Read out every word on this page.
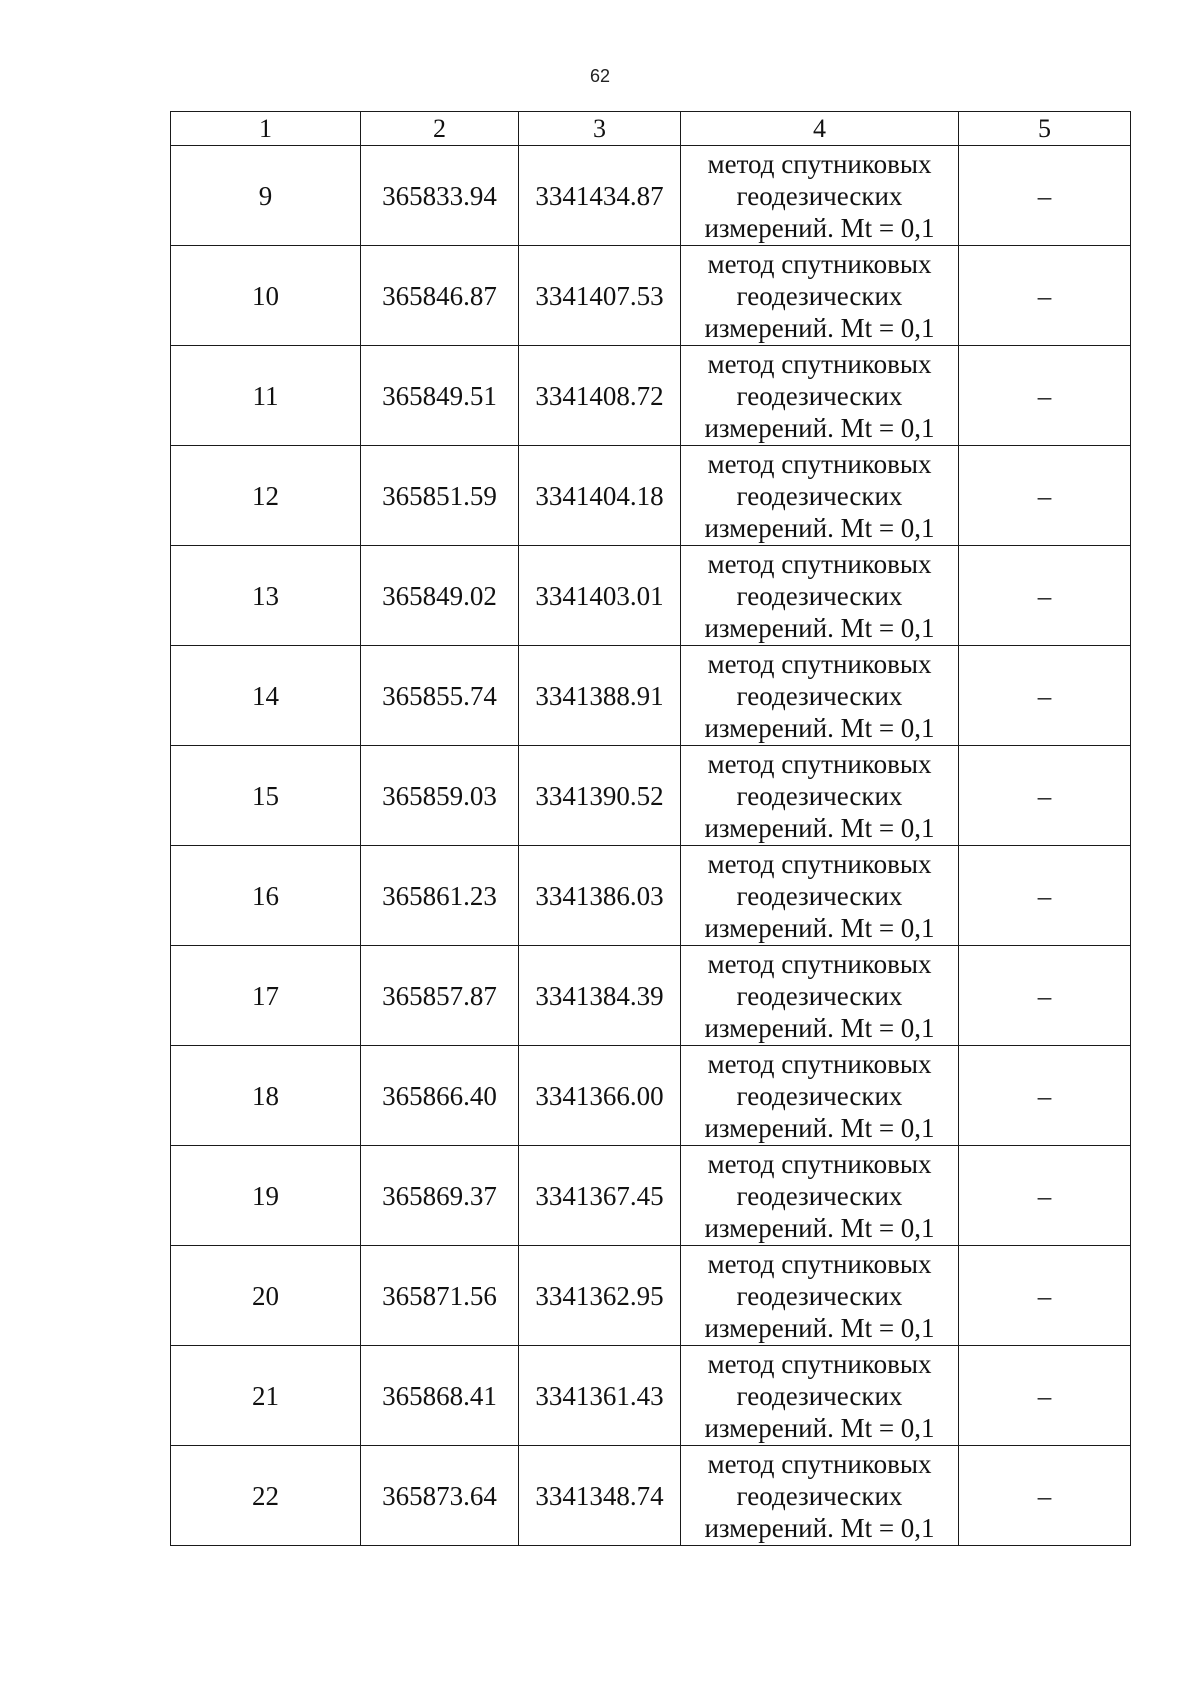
62
1	2	3	4	5
9	365833.94	3341434.87	метод спутниковых
геодезических
измерений. Mt = 0,1	–
10	365846.87	3341407.53	метод спутниковых
геодезических
измерений. Mt = 0,1	–
11	365849.51	3341408.72	метод спутниковых
геодезических
измерений. Mt = 0,1	–
12	365851.59	3341404.18	метод спутниковых
геодезических
измерений. Mt = 0,1	–
13	365849.02	3341403.01	метод спутниковых
геодезических
измерений. Mt = 0,1	–
14	365855.74	3341388.91	метод спутниковых
геодезических
измерений. Mt = 0,1	–
15	365859.03	3341390.52	метод спутниковых
геодезических
измерений. Mt = 0,1	–
16	365861.23	3341386.03	метод спутниковых
геодезических
измерений. Mt = 0,1	–
17	365857.87	3341384.39	метод спутниковых
геодезических
измерений. Mt = 0,1	–
18	365866.40	3341366.00	метод спутниковых
геодезических
измерений. Mt = 0,1	–
19	365869.37	3341367.45	метод спутниковых
геодезических
измерений. Mt = 0,1	–
20	365871.56	3341362.95	метод спутниковых
геодезических
измерений. Mt = 0,1	–
21	365868.41	3341361.43	метод спутниковых
геодезических
измерений. Mt = 0,1	–
22	365873.64	3341348.74	метод спутниковых
геодезических
измерений. Mt = 0,1	–
